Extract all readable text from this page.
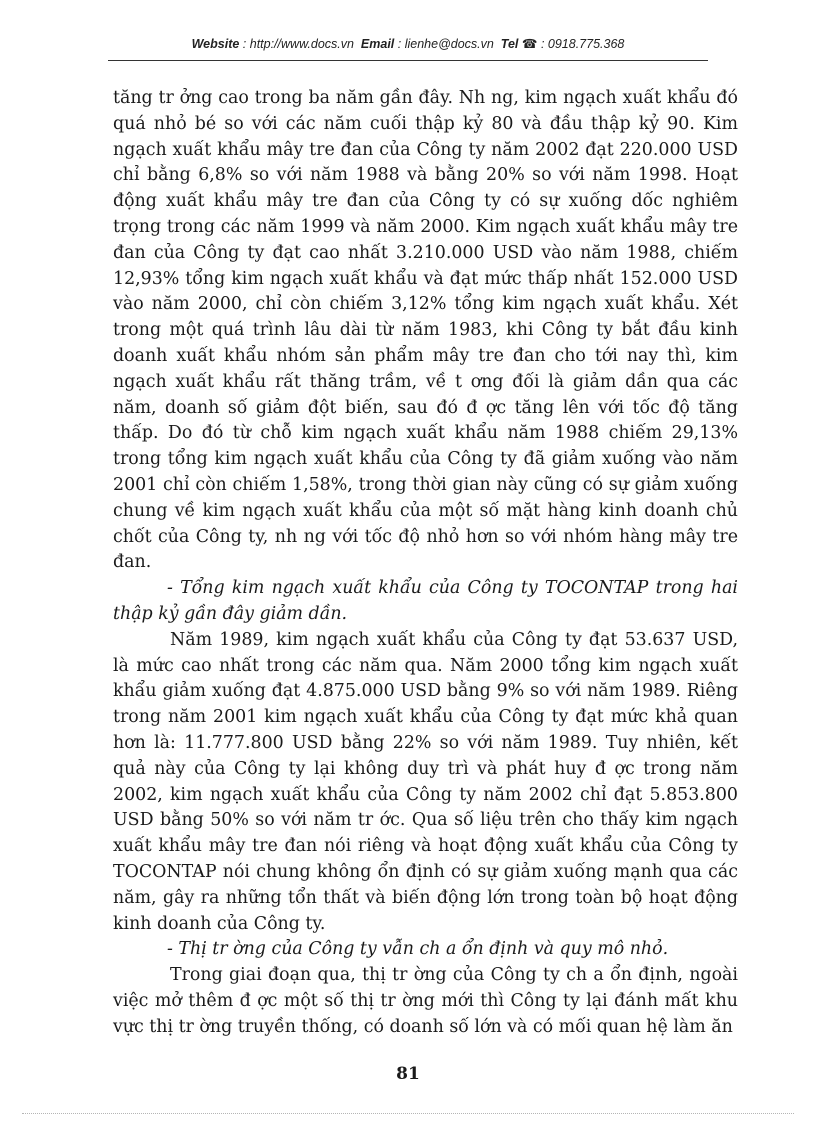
Website : http://www.docs.vn Email : lienhe@docs.vn Tel ☎ : 0918.775.368

tăng tr ởng cao trong ba năm gần đây. Nh ng, kim ngạch xuất khẩu đó quá nhỏ bé so với các năm cuối thập kỷ 80 và đầu thập kỷ 90. Kim ngạch xuất khẩu mây tre đan của Công ty năm 2002 đạt 220.000 USD chỉ bằng 6,8% so với năm 1988 và bằng 20% so với năm 1998. Hoạt động xuất khẩu mây tre đan của Công ty có sự xuống dốc nghiêm trọng trong các năm 1999 và năm 2000. Kim ngạch xuất khẩu mây tre đan của Công ty đạt cao nhất 3.210.000 USD vào năm 1988, chiếm 12,93% tổng kim ngạch xuất khẩu và đạt mức thấp nhất 152.000 USD vào năm 2000, chỉ còn chiếm 3,12% tổng kim ngạch xuất khẩu. Xét trong một quá trình lâu dài từ năm 1983, khi Công ty bắt đầu kinh doanh xuất khẩu nhóm sản phẩm mây tre đan cho tới nay thì, kim ngạch xuất khẩu rất thăng trầm, về t ơng đối là giảm dần qua các năm, doanh số giảm đột biến, sau đó đ ợc tăng lên với tốc độ tăng thấp. Do đó từ chỗ kim ngạch xuất khẩu năm 1988 chiếm 29,13% trong tổng kim ngạch xuất khẩu của Công ty đã giảm xuống vào năm 2001 chỉ còn chiếm 1,58%, trong thời gian này cũng có sự giảm xuống chung về kim ngạch xuất khẩu của một số mặt hàng kinh doanh chủ chốt của Công ty, nh ng với tốc độ nhỏ hơn so với nhóm hàng mây tre đan.

- Tổng kim ngạch xuất khẩu của Công ty TOCONTAP trong hai thập kỷ gần đây giảm dần.

Năm 1989, kim ngạch xuất khẩu của Công ty đạt 53.637 USD, là mức cao nhất trong các năm qua. Năm 2000 tổng kim ngạch xuất khẩu giảm xuống đạt 4.875.000 USD bằng 9% so với năm 1989. Riêng trong năm 2001 kim ngạch xuất khẩu của Công ty đạt mức khả quan hơn là: 11.777.800 USD bằng 22% so với năm 1989. Tuy nhiên, kết quả này của Công ty lại không duy trì và phát huy đ ợc trong năm 2002, kim ngạch xuất khẩu của Công ty năm 2002 chỉ đạt 5.853.800 USD bằng 50% so với năm tr ớc. Qua số liệu trên cho thấy kim ngạch xuất khẩu mây tre đan nói riêng và hoạt động xuất khẩu của Công ty TOCONTAP nói chung không ổn định có sự giảm xuống mạnh qua các năm, gây ra những tổn thất và biến động lớn trong toàn bộ hoạt động kinh doanh của Công ty.

- Thị tr ờng của Công ty vẫn ch a ổn định và quy mô nhỏ.

Trong giai đoạn qua, thị tr ờng của Công ty ch a ổn định, ngoài việc mở thêm đ ợc một số thị tr ờng mới thì Công ty lại đánh mất khu vực thị tr ờng truyền thống, có doanh số lớn và có mối quan hệ làm ăn

81
